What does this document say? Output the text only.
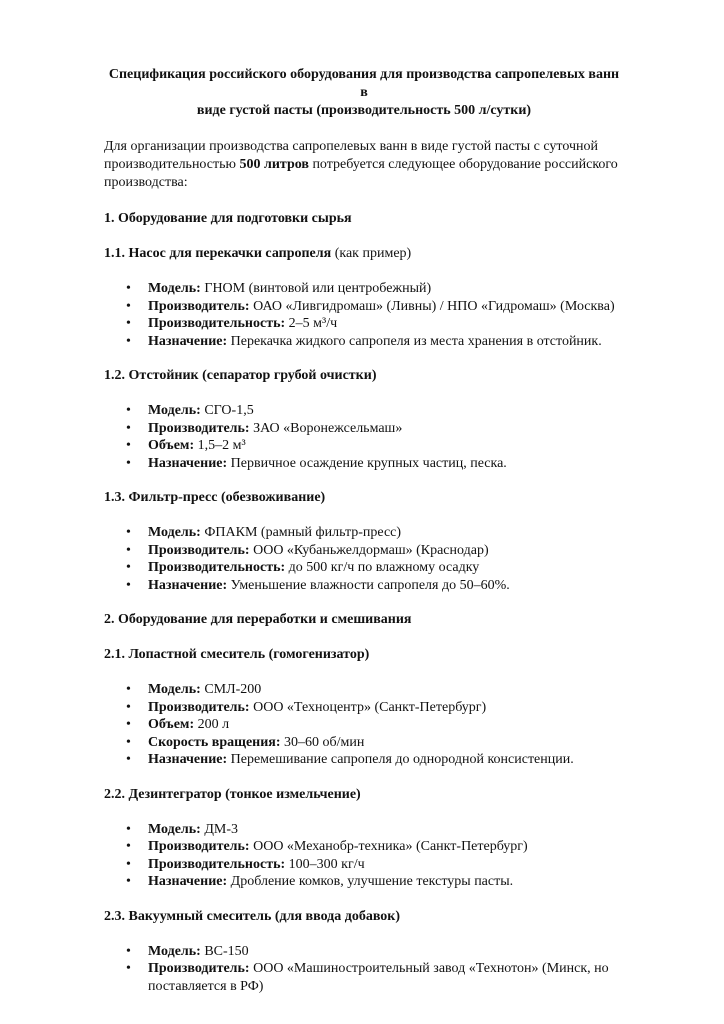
Спецификация российского оборудования для производства сапропелевых ванн в
виде густой пасты (производительность 500 л/сутки)

Для организации производства сапропелевых ванн в виде густой пасты с суточной производительностью 500 литров потребуется следующее оборудование российского производства:

1. Оборудование для подготовки сырья

1.1. Насос для перекачки сапропеля (как пример)

• Модель: ГНОМ (винтовой или центробежный)
• Производитель: ОАО «Ливгидромаш» (Ливны) / НПО «Гидромаш» (Москва)
• Производительность: 2–5 м³/ч
• Назначение: Перекачка жидкого сапропеля из места хранения в отстойник.

1.2. Отстойник (сепаратор грубой очистки)

• Модель: СГО-1,5
• Производитель: ЗАО «Воронежсельмаш»
• Объем: 1,5–2 м³
• Назначение: Первичное осаждение крупных частиц, песка.

1.3. Фильтр-пресс (обезвоживание)

• Модель: ФПАКМ (рамный фильтр-пресс)
• Производитель: ООО «Кубаньжелдормаш» (Краснодар)
• Производительность: до 500 кг/ч по влажному осадку
• Назначение: Уменьшение влажности сапропеля до 50–60%.

2. Оборудование для переработки и смешивания

2.1. Лопастной смеситель (гомогенизатор)

• Модель: СМЛ-200
• Производитель: ООО «Техноцентр» (Санкт-Петербург)
• Объем: 200 л
• Скорость вращения: 30–60 об/мин
• Назначение: Перемешивание сапропеля до однородной консистенции.

2.2. Дезинтегратор (тонкое измельчение)

• Модель: ДМ-3
• Производитель: ООО «Механобр-техника» (Санкт-Петербург)
• Производительность: 100–300 кг/ч
• Назначение: Дробление комков, улучшение текстуры пасты.

2.3. Вакуумный смеситель (для ввода добавок)

• Модель: ВС-150
• Производитель: ООО «Машиностроительный завод «Технотон» (Минск, но поставляется в РФ)
